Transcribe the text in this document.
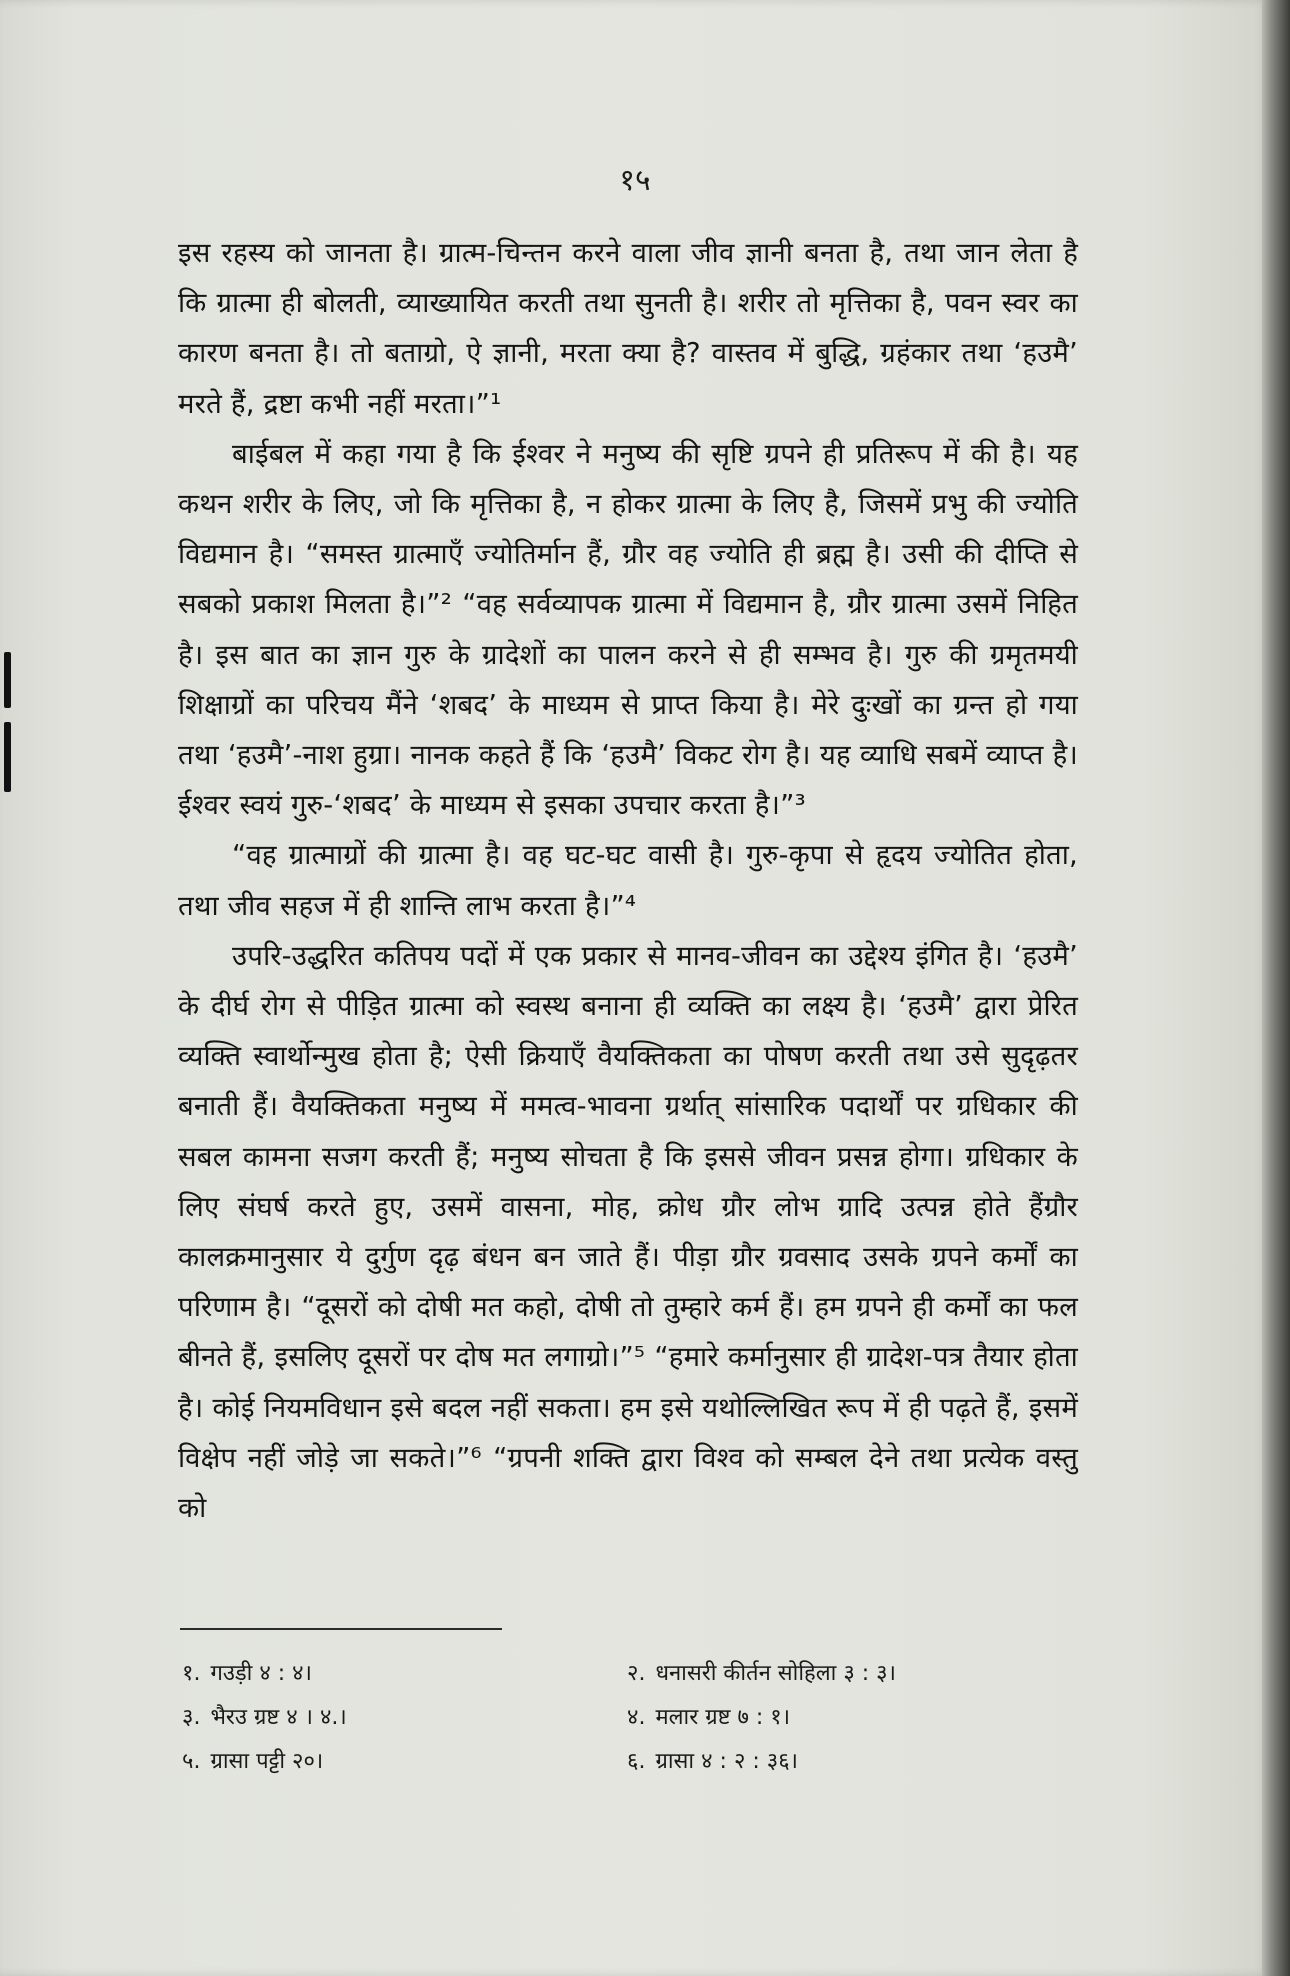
१५

इस रहस्य को जानता है। ग्रात्म-चिन्तन करने वाला जीव ज्ञानी बनता है, तथा जान लेता है कि ग्रात्मा ही बोलती, व्याख्यायित करती तथा सुनती है। शरीर तो मृत्तिका है, पवन स्वर का कारण बनता है। तो बताग्रो, ऐ ज्ञानी, मरता क्या है? वास्तव में बुद्धि, ग्रहंकार तथा ‘हउमै’ मरते हैं, द्रष्टा कभी नहीं मरता।”¹

बाईबल में कहा गया है कि ईश्वर ने मनुष्य की सृष्टि ग्रपने ही प्रतिरूप में की है। यह कथन शरीर के लिए, जो कि मृत्तिका है, न होकर ग्रात्मा के लिए है, जिसमें प्रभु की ज्योति विद्यमान है। “समस्त ग्रात्माएँ ज्योतिर्मान हैं, ग्रौर वह ज्योति ही ब्रह्म है। उसी की दीप्ति से सबको प्रकाश मिलता है।”² “वह सर्वव्यापक ग्रात्मा में विद्यमान है, ग्रौर ग्रात्मा उसमें निहित है। इस बात का ज्ञान गुरु के ग्रादेशों का पालन करने से ही सम्भव है। गुरु की ग्रमृतमयी शिक्षाग्रों का परिचय मैंने ‘शबद’ के माध्यम से प्राप्त किया है। मेरे दुःखों का ग्रन्त हो गया तथा ‘हउमै’-नाश हुग्रा। नानक कहते हैं कि ‘हउमै’ विकट रोग है। यह व्याधि सबमें व्याप्त है। ईश्वर स्वयं गुरु-‘शबद’ के माध्यम से इसका उपचार करता है।”³

“वह ग्रात्माग्रों की ग्रात्मा है। वह घट-घट वासी है। गुरु-कृपा से हृदय ज्योतित होता, तथा जीव सहज में ही शान्ति लाभ करता है।”⁴

उपरि-उद्धरित कतिपय पदों में एक प्रकार से मानव-जीवन का उद्देश्य इंगित है। ‘हउमै’ के दीर्घ रोग से पीड़ित ग्रात्मा को स्वस्थ बनाना ही व्यक्ति का लक्ष्य है। ‘हउमै’ द्वारा प्रेरित व्यक्ति स्वार्थोन्मुख होता है; ऐसी क्रियाएँ वैयक्तिकता का पोषण करती तथा उसे सुदृढ़तर बनाती हैं। वैयक्तिकता मनुष्य में ममत्व-भावना ग्रर्थात् सांसारिक पदार्थों पर ग्रधिकार की सबल कामना सजग करती हैं; मनुष्य सोचता है कि इससे जीवन प्रसन्न होगा। ग्रधिकार के लिए संघर्ष करते हुए, उसमें वासना, मोह, क्रोध ग्रौर लोभ ग्रादि उत्पन्न होते हैंग्रौर कालक्रमानुसार ये दुर्गुण दृढ़ बंधन बन जाते हैं। पीड़ा ग्रौर ग्रवसाद उसके ग्रपने कर्मों का परिणाम है। “दूसरों को दोषी मत कहो, दोषी तो तुम्हारे कर्म हैं। हम ग्रपने ही कर्मों का फल बीनते हैं, इसलिए दूसरों पर दोष मत लगाग्रो।”⁵ “हमारे कर्मानुसार ही ग्रादेश-पत्र तैयार होता है। कोई नियमविधान इसे बदल नहीं सकता। हम इसे यथोल्लिखित रूप में ही पढ़ते हैं, इसमें विक्षेप नहीं जोड़े जा सकते।”⁶ “ग्रपनी शक्ति द्वारा विश्व को सम्बल देने तथा प्रत्येक वस्तु को

१. गउड़ी ४ : ४।
३. भैरउ ग्रष्ट ४ । ४.।
५. ग्रासा पट्टी २०।
२. धनासरी कीर्तन सोहिला ३ : ३।
४. मलार ग्रष्ट ७ : १।
६. ग्रासा ४ : २ : ३६।
